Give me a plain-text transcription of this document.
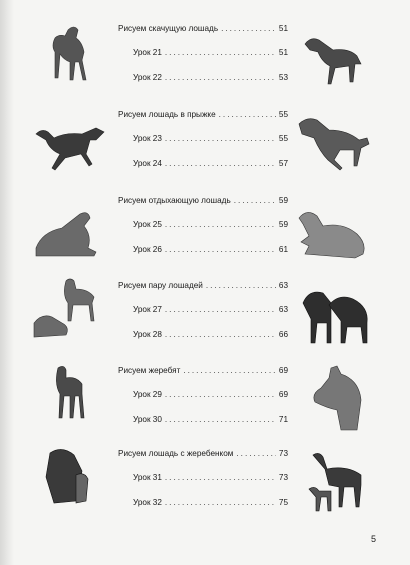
Рисуем скачущую лошадь .....	51
Урок 21 .....	51
Урок 22 .....	53
Рисуем лошадь в прыжке .....	55
Урок 23 .....	55
Урок 24 .....	57
Рисуем отдыхающую лошадь .....	59
Урок 25 .....	59
Урок 26 .....	61
Рисуем пару лошадей .....	63
Урок 27 .....	63
Урок 28 .....	66
Рисуем жеребят .....	69
Урок 29 .....	69
Урок 30 .....	71
Рисуем лошадь с жеребенком .....	73
Урок 31 .....	73
Урок 32 .....	75
5
